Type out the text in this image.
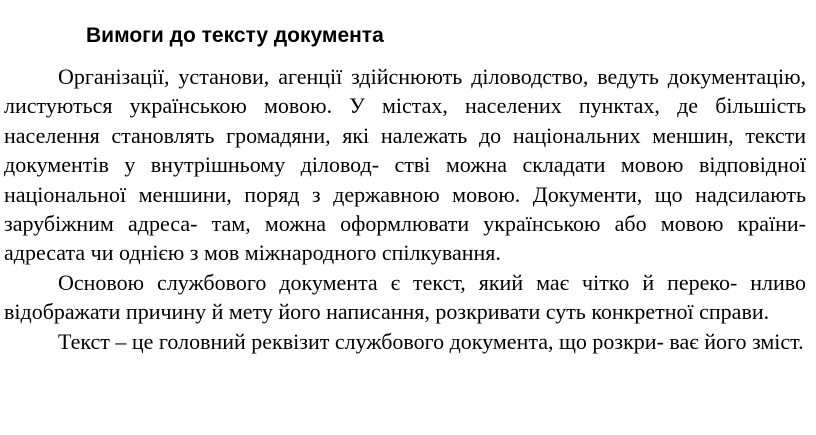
Вимоги до тексту документа

Організації, установи, агенції здійснюють діловодство, ведуть документацію, листуються українською мовою. У містах, населених пунктах, де більшість населення становлять громадяни, які належать до національних меншин, тексти документів у внутрішньому діловод- стві можна складати мовою відповідної національної меншини, поряд з державною мовою. Документи, що надсилають зарубіжним адреса- там, можна оформлювати українською або мовою країни-адресата чи однією з мов міжнародного спілкування.

Основою службового документа є текст, який має чітко й переко- нливо відображати причину й мету його написання, розкривати суть конкретної справи.

Текст – це головний реквізит службового документа, що розкри- ває його зміст.
